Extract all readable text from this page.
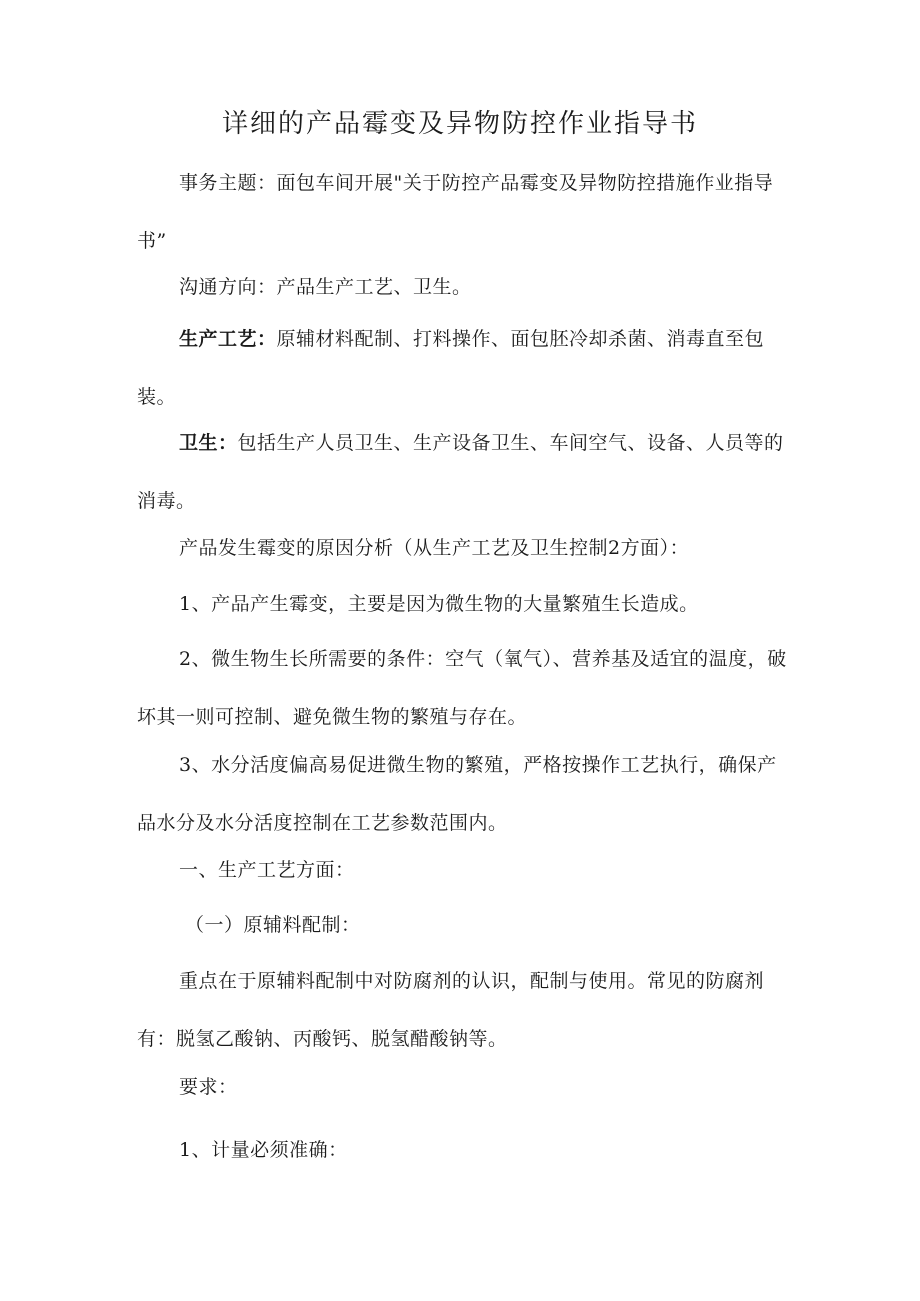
详细的产品霉变及异物防控作业指导书

事务主题：面包车间开展"关于防控产品霉变及异物防控措施作业指导书”

沟通方向：产品生产工艺、卫生。

生产工艺：原辅材料配制、打料操作、面包胚冷却杀菌、消毒直至包装。

卫生：包括生产人员卫生、生产设备卫生、车间空气、设备、人员等的消毒。

产品发生霉变的原因分析（从生产工艺及卫生控制2方面）：

1、产品产生霉变，主要是因为微生物的大量繁殖生长造成。

2、微生物生长所需要的条件：空气（氧气）、营养基及适宜的温度，破坏其一则可控制、避免微生物的繁殖与存在。

3、水分活度偏高易促进微生物的繁殖，严格按操作工艺执行，确保产品水分及水分活度控制在工艺参数范围内。

一、生产工艺方面：

（一）原辅料配制：

重点在于原辅料配制中对防腐剂的认识，配制与使用。常见的防腐剂有：脱氢乙酸钠、丙酸钙、脱氢醋酸钠等。

要求：

1、计量必须准确：
